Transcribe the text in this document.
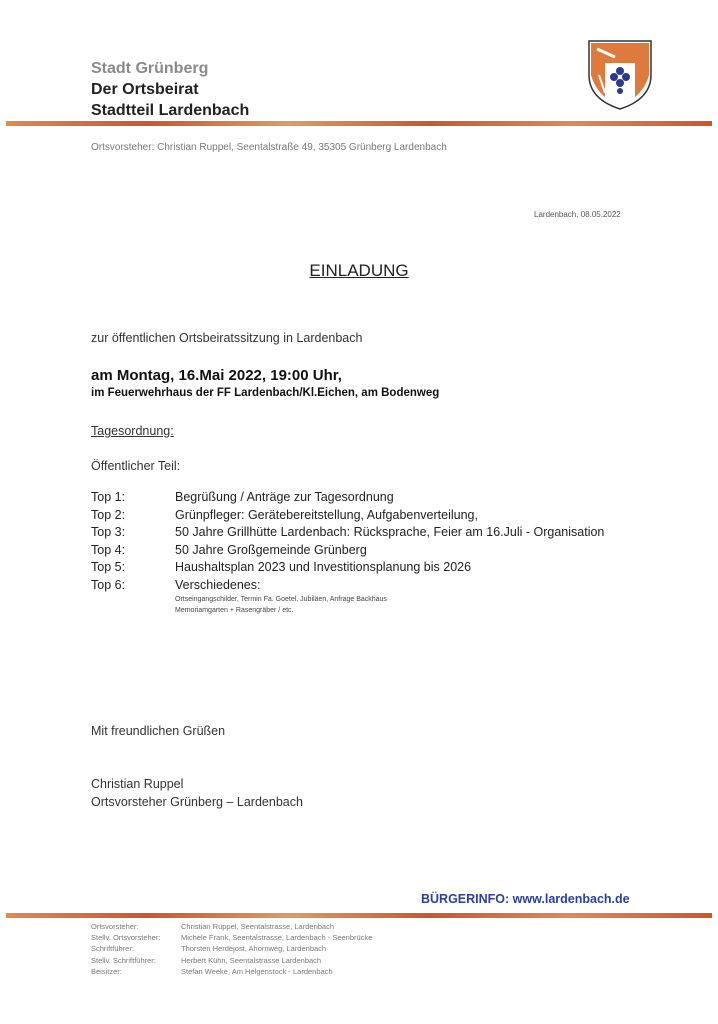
Stadt Grünberg
Der Ortsbeirat
Stadtteil Lardenbach
Ortsvorsteher: Christian Ruppel, Seentalstraße 49, 35305 Grünberg Lardenbach
Lardenbach, 08.05.2022
EINLADUNG
zur öffentlichen Ortsbeiratssitzung in Lardenbach
am Montag, 16.Mai 2022, 19:00 Uhr,
im Feuerwehrhaus der FF Lardenbach/Kl.Eichen, am Bodenweg
Tagesordnung:
Öffentlicher Teil:
Top 1:	Begrüßung / Anträge zur Tagesordnung
Top 2:	Grünpfleger: Gerätebereitstellung, Aufgabenverteilung,
Top 3:	50 Jahre Grillhütte Lardenbach: Rücksprache, Feier am 16.Juli - Organisation
Top 4:	50 Jahre Großgemeinde Grünberg
Top 5:	Haushaltsplan 2023 und Investitionsplanung bis 2026
Top 6:	Verschiedenes:
Ortseingangschilder, Termin Fa. Goetel, Jubiläen, Anfrage Backhaus
Memoriamgarten + Rasengräber / etc.
Mit freundlichen Grüßen
Christian Ruppel
Ortsvorsteher Grünberg – Lardenbach
BÜRGERINFO: www.lardenbach.de
Ortsvorsteher:	Christian Ruppel, Seentalstrasse, Lardenbach
Stellv. Ortsvorsteher:	Michele Frank, Seentalstrasse, Lardenbach - Seenbrücke
Schriftführer:	Thorsten Herdejost, Ahornweg, Lardenbach
Stellv. Schriftführer:	Herbert Kühn, Seentalstrasse Lardenbach
Beisitzer:	Stefan Weeke, Am Helgenstock - Lardenbach
